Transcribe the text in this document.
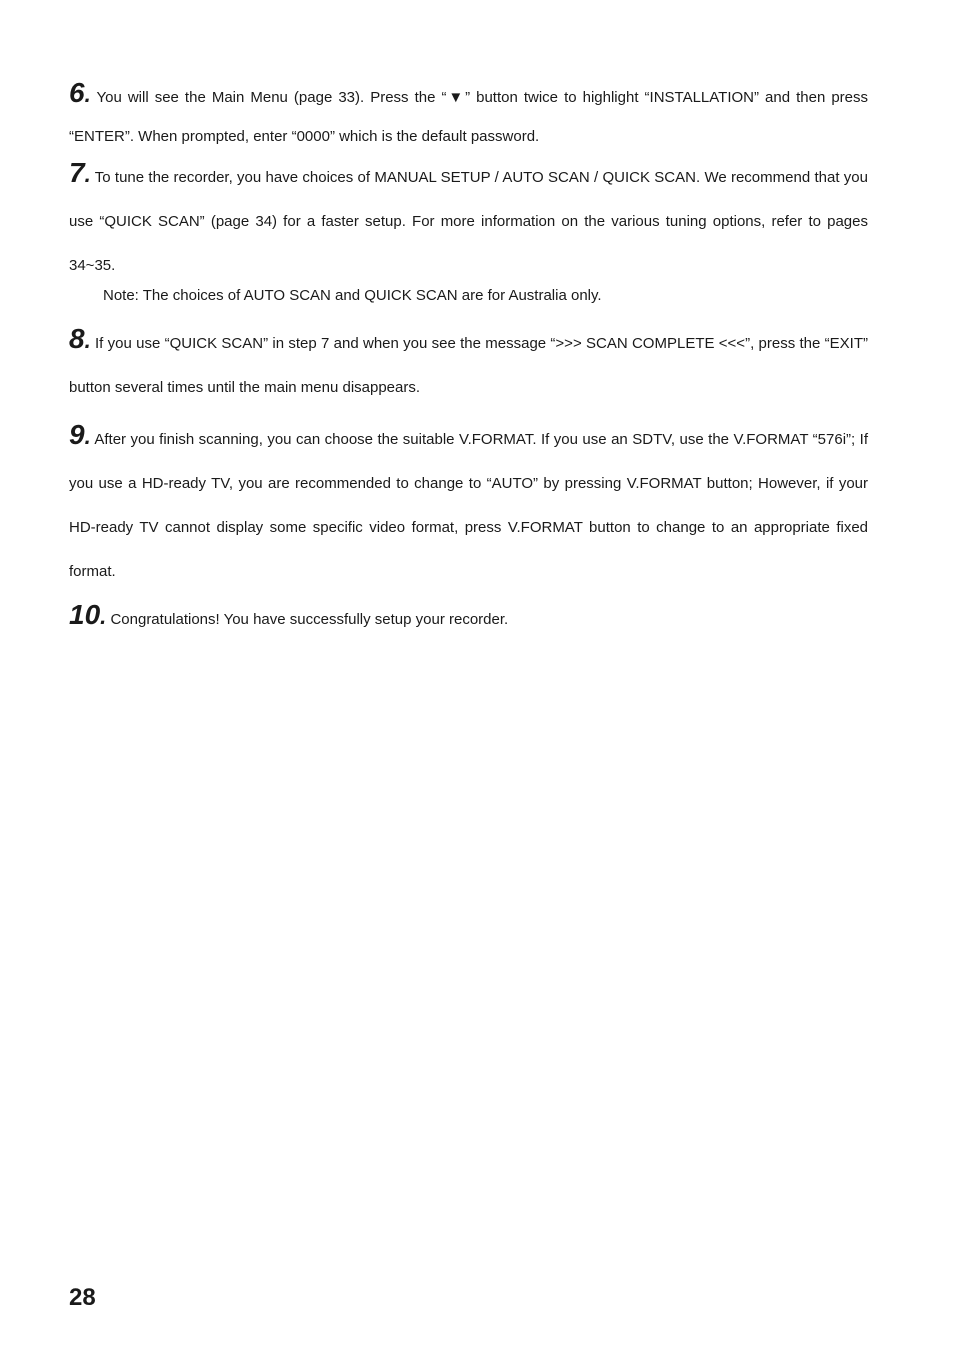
6. You will see the Main Menu (page 33). Press the “▼” button twice to highlight “INSTALLATION” and then press “ENTER”. When prompted, enter “0000” which is the default password.

7. To tune the recorder, you have choices of MANUAL SETUP / AUTO SCAN / QUICK SCAN. We recommend that you use “QUICK SCAN” (page 34) for a faster setup. For more information on the various tuning options, refer to pages 34~35.

Note: The choices of AUTO SCAN and QUICK SCAN are for Australia only.

8. If you use “QUICK SCAN” in step 7 and when you see the message “>>> SCAN COMPLETE <<<”, press the “EXIT” button several times until the main menu disappears.

9. After you finish scanning, you can choose the suitable V.FORMAT. If you use an SDTV, use the V.FORMAT “576i”; If you use a HD-ready TV, you are recommended to change to “AUTO” by pressing V.FORMAT button; However, if your HD-ready TV cannot display some specific video format, press V.FORMAT button to change to an appropriate fixed format.

10. Congratulations! You have successfully setup your recorder.

28
